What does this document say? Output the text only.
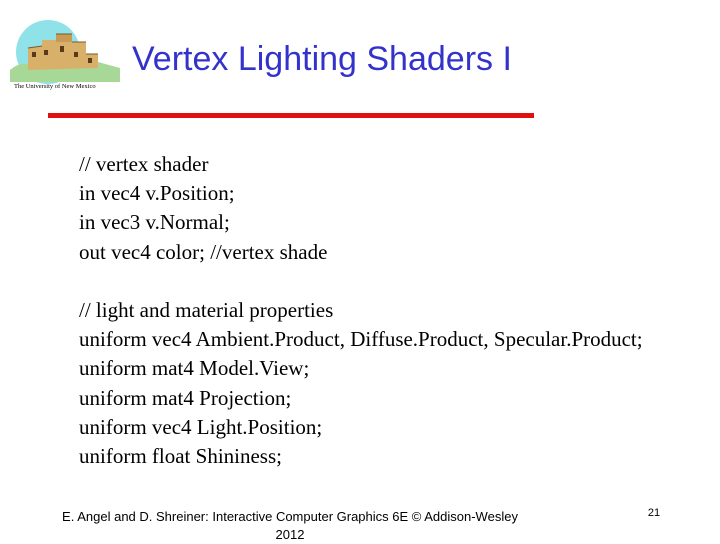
The University of New Mexico
Vertex Lighting Shaders I
// vertex shader
in vec4 v.Position;
in vec3 v.Normal;
out vec4 color; //vertex shade
// light and material properties
uniform vec4 Ambient.Product, Diffuse.Product, Specular.Product;
uniform mat4 Model.View;
uniform mat4 Projection;
uniform vec4 Light.Position;
uniform float Shininess;
E. Angel and D. Shreiner: Interactive Computer Graphics 6E © Addison-Wesley
2012
21
